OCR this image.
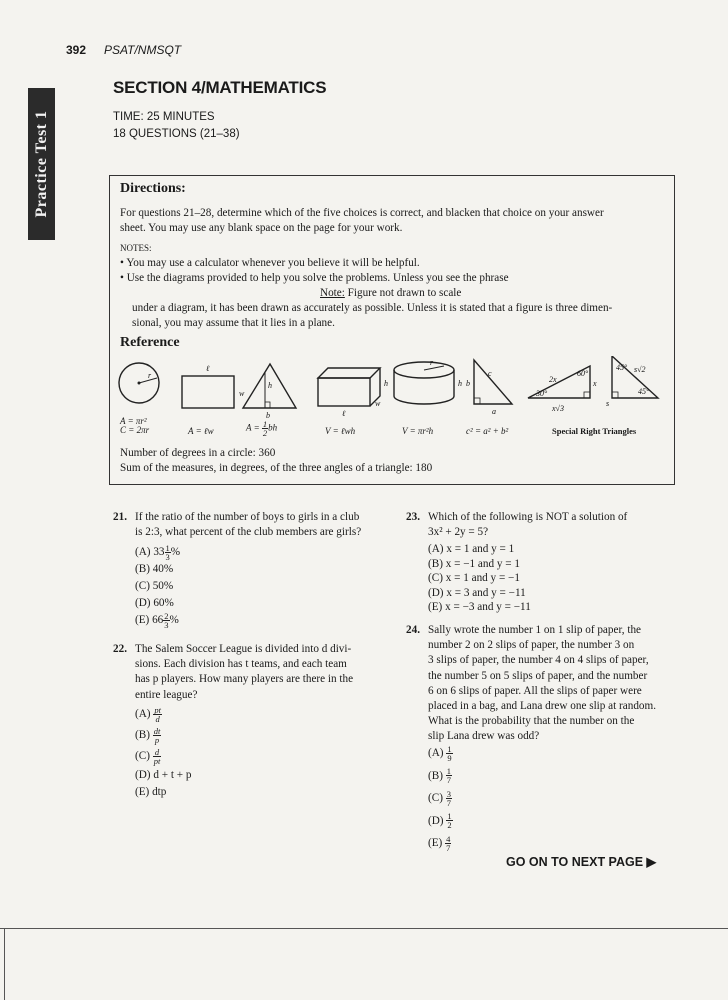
392 PSAT/NMSQT
Practice Test 1
SECTION 4/MATHEMATICS
TIME: 25 MINUTES
18 QUESTIONS (21–38)
Directions:
For questions 21–28, determine which of the five choices is correct, and blacken that choice on your answer
sheet. You may use any blank space on the page for your work.
NOTES:
• You may use a calculator whenever you believe it will be helpful.
• Use the diagrams provided to help you solve the problems. Unless you see the phrase
Note: Figure not drawn to scale
under a diagram, it has been drawn as accurately as possible. Unless it is stated that a figure is three dimen-
sional, you may assume that it lies in a plane.
Reference
r
ℓ
w
h
b
h
w
ℓ
r
h
c
b
a
2x	x
60°
30°
x√3
45°
45°
s√2
s
A = πr²
C = 2πr	A = ℓw	$A = \frac{1}{2}$ bh	V = ℓwh	V = πr²h	c² = a² + b²	Special Right Triangles
Number of degrees in a circle: 360
Sum of the measures, in degrees, of the three angles of a triangle: 180
21. If the ratio of the number of boys to girls in a club
is 2:3, what percent of the club members are girls?
(A) $33 \frac{1}{3}$ %
(B) 40%
(C) 50%
(D) 60%
(E) $66 \frac{2}{3}$ %
22. The Salem Soccer League is divided into d divi-
sions. Each division has t teams, and each team
has p players. How many players are there in the
entire league?
$(A) \frac{pt}{d}$
$(B) \frac{dt}{p}$
$(C) \frac{d}{pt}$
(D) d + t + p
(E) dtp
23. Which of the following is NOT a solution of
3x² + 2y = 5?
(A) x = 1 and y = 1
(B) x = −1 and y = 1
(C) x = 1 and y = −1
(D) x = 3 and y = −11
(E) x = −3 and y = −11
24. Sally wrote the number 1 on 1 slip of paper, the
number 2 on 2 slips of paper, the number 3 on
3 slips of paper, the number 4 on 4 slips of paper,
the number 5 on 5 slips of paper, and the number
6 on 6 slips of paper. All the slips of paper were
placed in a bag, and Lana drew one slip at random.
What is the probability that the number on the
slip Lana drew was odd?
$(A) \frac{1}{9}$
$(B) \frac{1}{7}$
$(C) \frac{3}{7}$
$(D) \frac{1}{2}$
$(E) \frac{4}{7}$
GO ON TO NEXT PAGE ▶
